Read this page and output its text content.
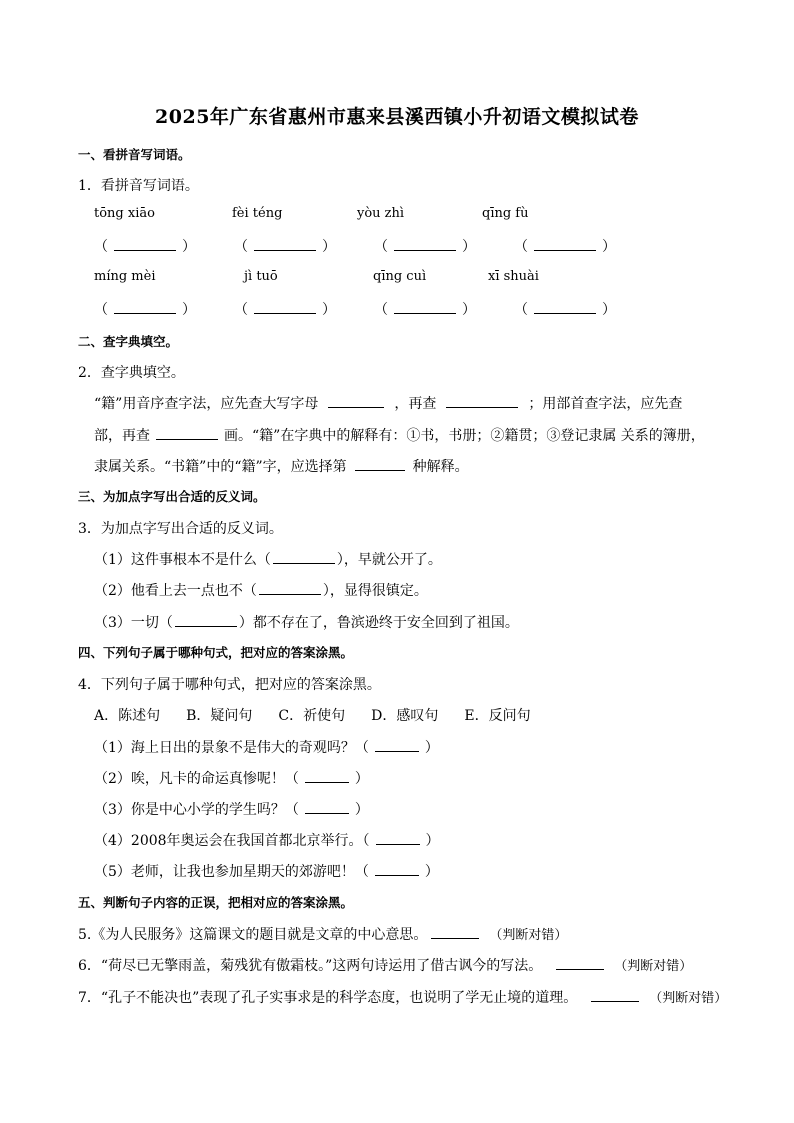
2025年广东省惠州市惠来县溪西镇小升初语文模拟试卷
一、看拼音写词语。
1．看拼音写词语。
tōng xiāo	fèi téng	yòu zhì	qīng fù
（	）	（	）	（	）	（	）
míng mèi	jì tuō	qīng cuì	xī shuài
（	）	（	）	（	）	（	）
二、查字典填空。
2．查字典填空。
“籍”用音序查字法，应先查大写字母	，再查	；用部首查字法，应先查
部，再查	画。“籍”在字典中的解释有：①书，书册；②籍贯；③登记隶属 关系的簿册，
隶属关系。“书籍”中的“籍”字，应选择第	种解释。
三、为加点字写出合适的反义词。
3．为加点字写出合适的反义词。
（1）这件事根本不是什么（	），早就公开了。
（2）他看上去一点也不（	），显得很镇定。
（3）一切（	）都不存在了，鲁滨逊终于安全回到了祖国。
四、下列句子属于哪种句式，把对应的答案涂黑。
4．下列句子属于哪种句式，把对应的答案涂黑。
A．陈述句 B．疑问句 C．祈使句 D．感叹句 E．反问句
（1）海上日出的景象不是伟大的奇观吗？（	）
（2）唉，凡卡的命运真惨呢！（	）
（3）你是中心小学的学生吗？（	）
（4）2008年奥运会在我国首都北京举行。（	）
（5）老师，让我也参加星期天的郊游吧！（	）
五、判断句子内容的正误，把相对应的答案涂黑。
5.《为人民服务》这篇课文的题目就是文章的中心意思。	（判断对错）
6．“荷尽已无擎雨盖，菊残犹有傲霜枝。”这两句诗运用了借古讽今的写法。	（判断对错）
7．“孔子不能决也”表现了孔子实事求是的科学态度，也说明了学无止境的道理。	（判断对错）
